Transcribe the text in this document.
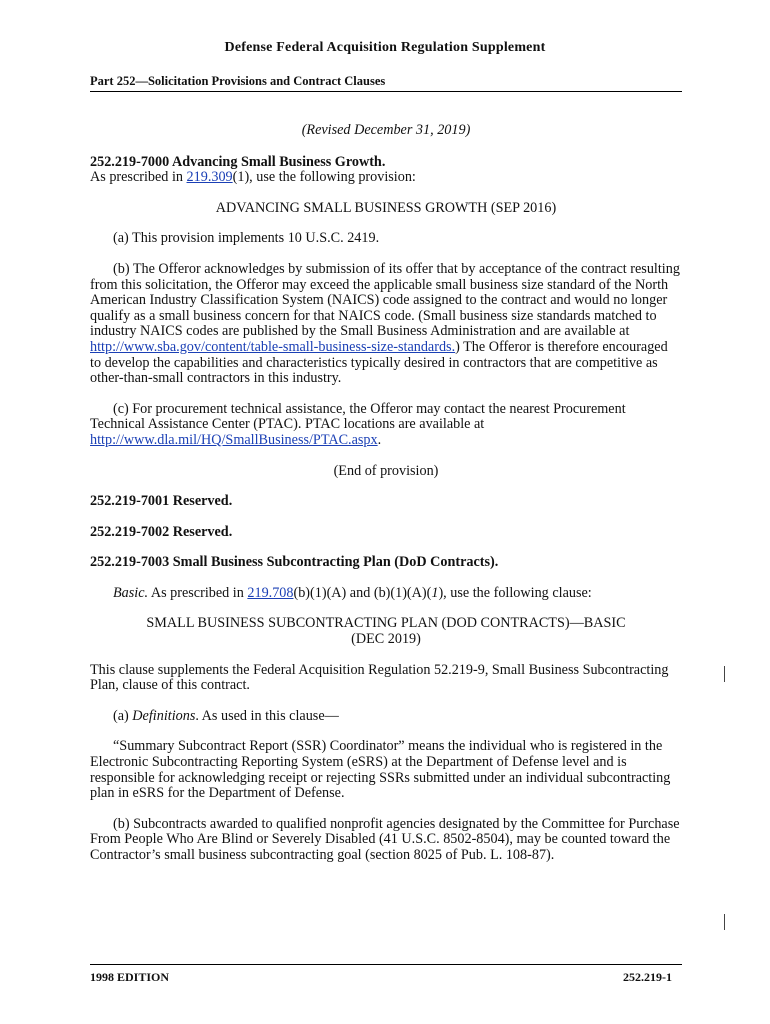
Defense Federal Acquisition Regulation Supplement
Part 252—Solicitation Provisions and Contract Clauses

(Revised December 31, 2019)

252.219-7000 Advancing Small Business Growth.

As prescribed in 219.309(1), use the following provision:

ADVANCING SMALL BUSINESS GROWTH (SEP 2016)

(a) This provision implements 10 U.S.C. 2419.

(b) The Offeror acknowledges by submission of its offer that by acceptance of the contract resulting from this solicitation, the Offeror may exceed the applicable small business size standard of the North American Industry Classification System (NAICS) code assigned to the contract and would no longer qualify as a small business concern for that NAICS code. (Small business size standards matched to industry NAICS codes are published by the Small Business Administration and are available at http://www.sba.gov/content/table-small-business-size-standards.) The Offeror is therefore encouraged to develop the capabilities and characteristics typically desired in contractors that are competitive as other-than-small contractors in this industry.

(c) For procurement technical assistance, the Offeror may contact the nearest Procurement Technical Assistance Center (PTAC). PTAC locations are available at http://www.dla.mil/HQ/SmallBusiness/PTAC.aspx.

(End of provision)

252.219-7001 Reserved.

252.219-7002 Reserved.

252.219-7003 Small Business Subcontracting Plan (DoD Contracts).

Basic. As prescribed in 219.708(b)(1)(A) and (b)(1)(A)(1), use the following clause:

SMALL BUSINESS SUBCONTRACTING PLAN (DOD CONTRACTS)—BASIC

(DEC 2019)

This clause supplements the Federal Acquisition Regulation 52.219-9, Small Business Subcontracting Plan, clause of this contract.

(a) Definitions. As used in this clause—

“Summary Subcontract Report (SSR) Coordinator” means the individual who is registered in the Electronic Subcontracting Reporting System (eSRS) at the Department of Defense level and is responsible for acknowledging receipt or rejecting SSRs submitted under an individual subcontracting plan in eSRS for the Department of Defense.

(b) Subcontracts awarded to qualified nonprofit agencies designated by the Committee for Purchase From People Who Are Blind or Severely Disabled (41 U.S.C. 8502-8504), may be counted toward the Contractor’s small business subcontracting goal (section 8025 of Pub. L. 108-87).

1998 EDITION	252.219-1
